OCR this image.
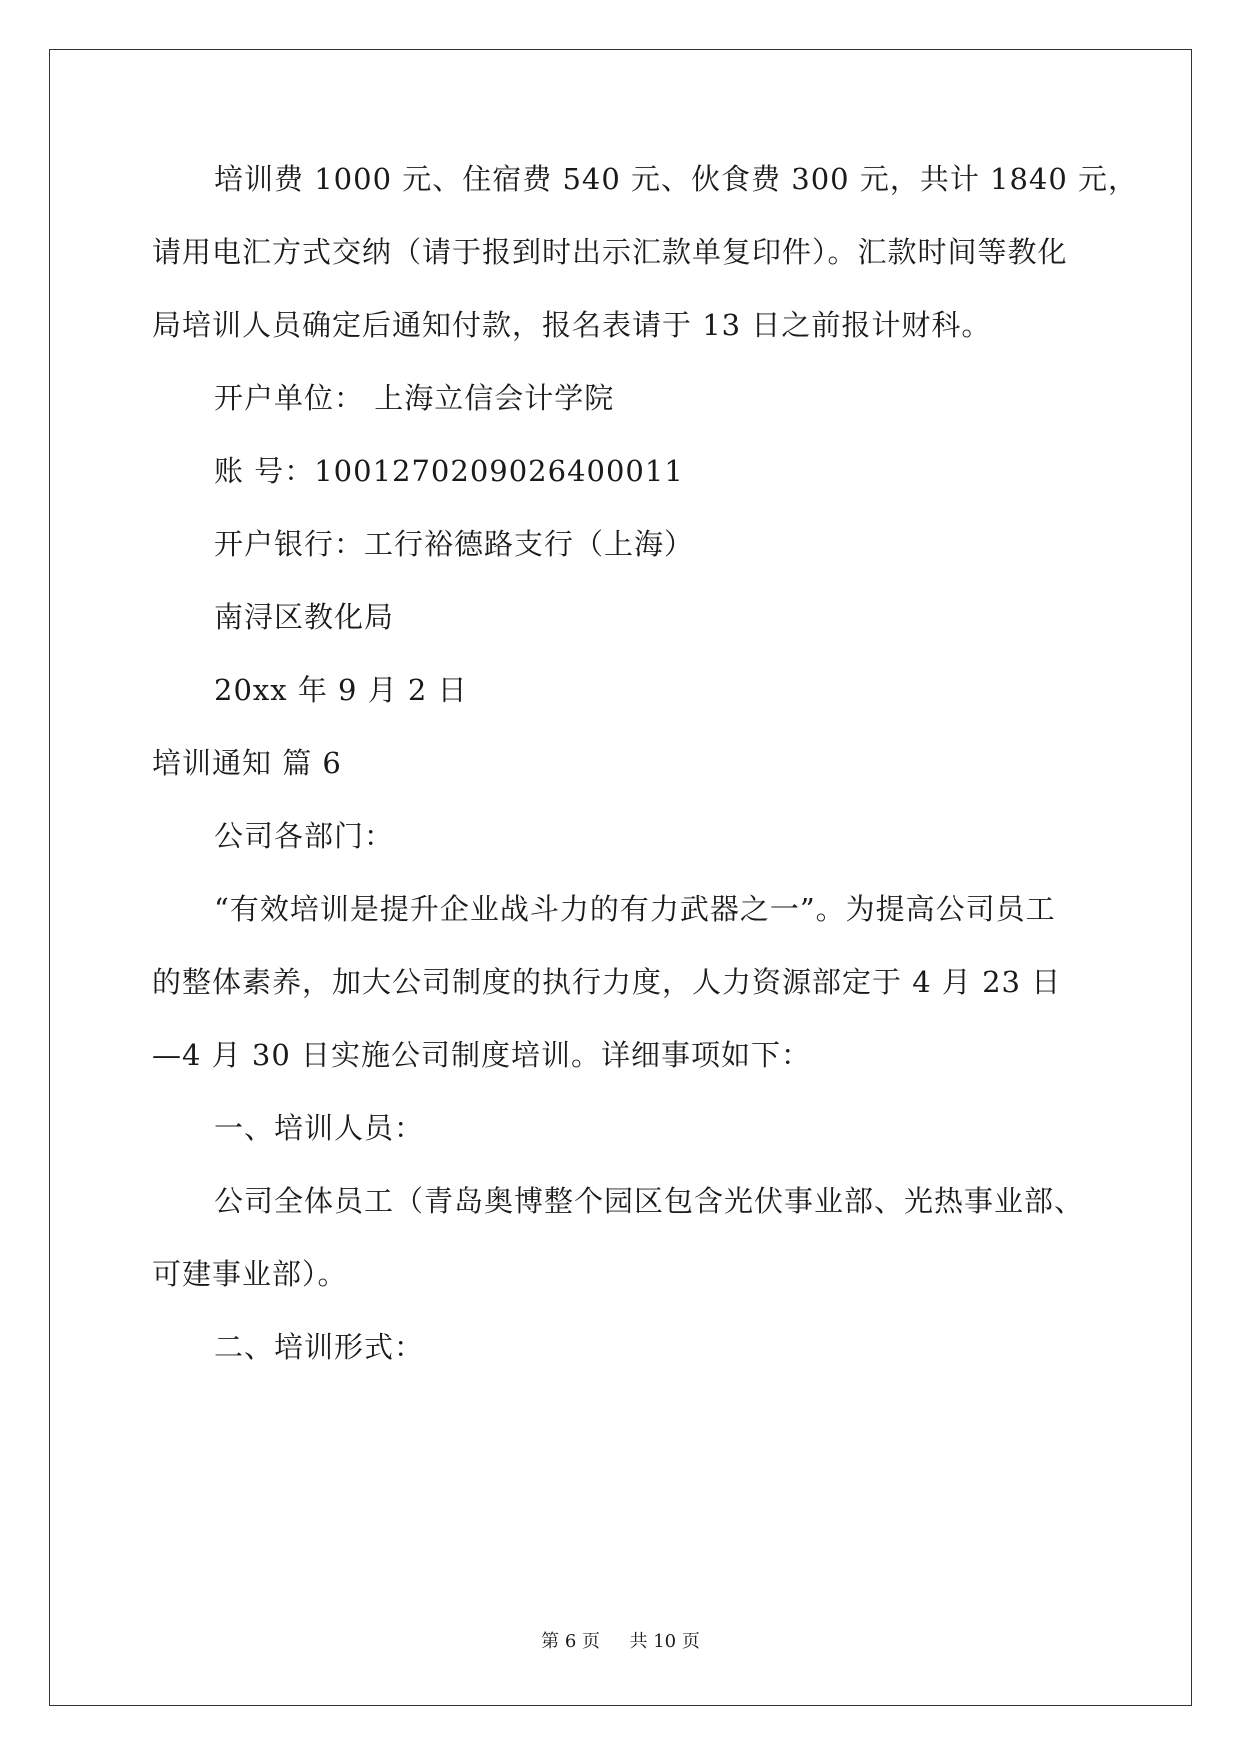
培训费 1000 元、住宿费 540 元、伙食费 300 元，共计 1840 元，
请用电汇方式交纳（请于报到时出示汇款单复印件）。汇款时间等教化
局培训人员确定后通知付款，报名表请于 13 日之前报计财科。
开户单位： 上海立信会计学院
账 号：1001270209026400011
开户银行：工行裕德路支行（上海）
南浔区教化局
20xx 年 9 月 2 日
培训通知 篇 6
公司各部门：
“有效培训是提升企业战斗力的有力武器之一”。为提高公司员工
的整体素养，加大公司制度的执行力度，人力资源部定于 4 月 23 日
—4 月 30 日实施公司制度培训。详细事项如下：
一、培训人员：
公司全体员工（青岛奥博整个园区包含光伏事业部、光热事业部、
可建事业部）。
二、培训形式：
第 6 页 共 10 页
